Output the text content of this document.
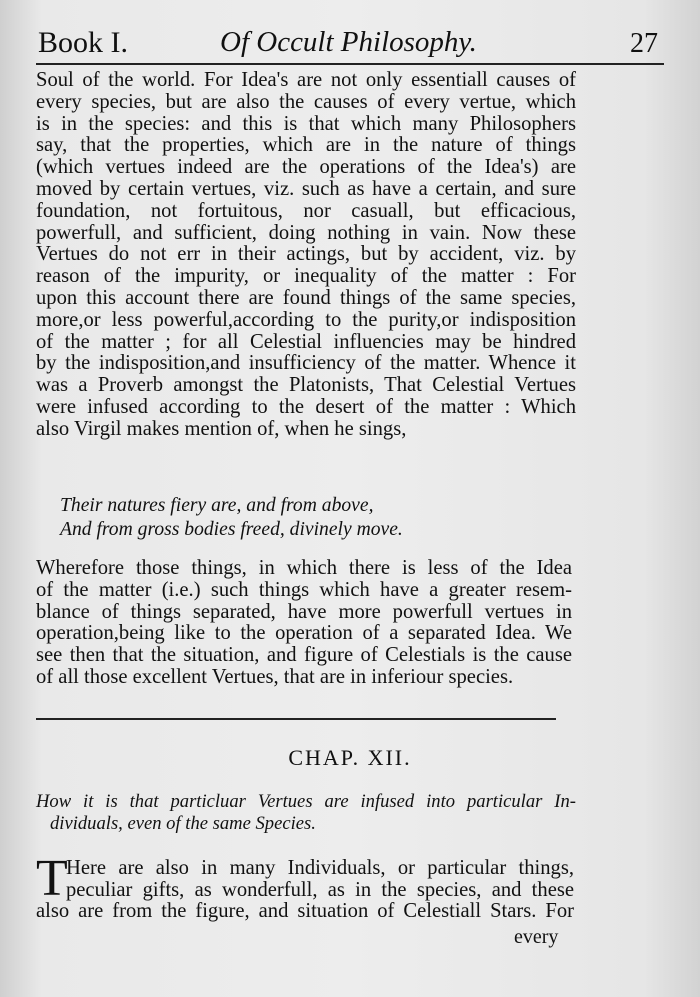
Book I.	Of Occult Philosophy.	27
Soul of the world. For Idea's are not only essentiall causes of
every species, but are also the causes of every vertue, which
is in the species: and this is that which many Philosophers
say, that the properties, which are in the nature of things
(which vertues indeed are the operations of the Idea's) are
moved by certain vertues, viz. such as have a certain, and sure
foundation, not fortuitous, nor casuall, but efficacious,
powerfull, and sufficient, doing nothing in vain. Now these
Vertues do not err in their actings, but by accident, viz. by
reason of the impurity, or inequality of the matter : For
upon this account there are found things of the same species,
more,or less powerful,according to the purity,or indisposition
of the matter ; for all Celestial influencies may be hindred
by the indisposition,and insufficiency of the matter. Whence it
was a Proverb amongst the Platonists, That Celestial Vertues
were infused according to the desert of the matter : Which
also Virgil makes mention of, when he sings,
Their natures fiery are, and from above,
And from gross bodies freed, divinely move.
Wherefore those things, in which there is less of the Idea
of the matter (i.e.) such things which have a greater resem-
blance of things separated, have more powerfull vertues in
operation,being like to the operation of a separated Idea. We
see then that the situation, and figure of Celestials is the cause
of all those excellent Vertues, that are in inferiour species.
CHAP. XII.
How it is that particluar Vertues are infused into particular In-
dividuals, even of the same Species.
T
Here are also in many Individuals, or particular things,
peculiar gifts, as wonderfull, as in the species, and these
also are from the figure, and situation of Celestiall Stars. For
every
